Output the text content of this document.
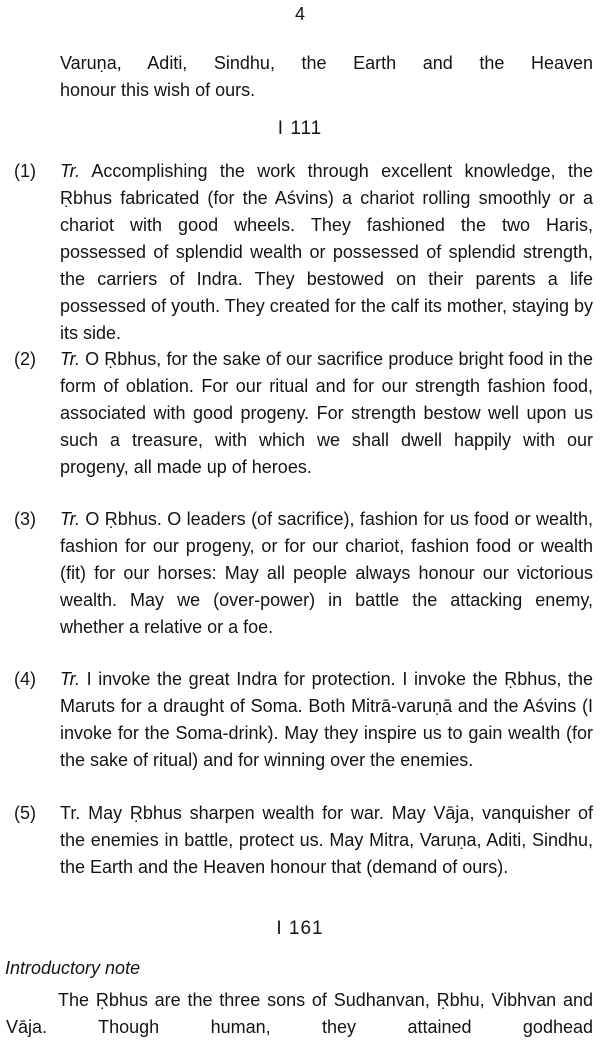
4
Varuṇa, Aditi, Sindhu, the Earth and the Heaven
honour this wish of ours.
I 111
(1)	Tr. Accomplishing the work through excellent knowledge, the Ṛbhus fabricated (for the Aśvins) a chariot rolling smoothly or a chariot with good wheels. They fashioned the two Haris, possessed of splendid wealth or possessed of splendid strength, the carriers of Indra. They bestowed on their parents a life possessed of youth. They created for the calf its mother, staying by its side.
(2)	Tr. O Ṛbhus, for the sake of our sacrifice produce bright food in the form of oblation. For our ritual and for our strength fashion food, associated with good progeny. For strength bestow well upon us such a treasure, with which we shall dwell happily with our progeny, all made up of heroes.
(3)	Tr. O Ṛbhus. O leaders (of sacrifice), fashion for us food or wealth, fashion for our progeny, or for our chariot, fashion food or wealth (fit) for our horses: May all people always honour our victorious wealth. May we (over-power) in battle the attacking enemy, whether a relative or a foe.
(4)	Tr. I invoke the great Indra for protection. I invoke the Ṛbhus, the Maruts for a draught of Soma. Both Mitrā-varuṇā and the Aśvins (I invoke for the Soma-drink). May they inspire us to gain wealth (for the sake of ritual) and for winning over the enemies.
(5)	Tr. May Ṛbhus sharpen wealth for war. May Vāja, vanquisher of the enemies in battle, protect us. May Mitra, Varuṇa, Aditi, Sindhu, the Earth and the Heaven honour that (demand of ours).
I 161
Introductory note
The Ṛbhus are the three sons of Sudhanvan, Ṛbhu, Vibhvan and Vāja. Though human, they attained godhead
